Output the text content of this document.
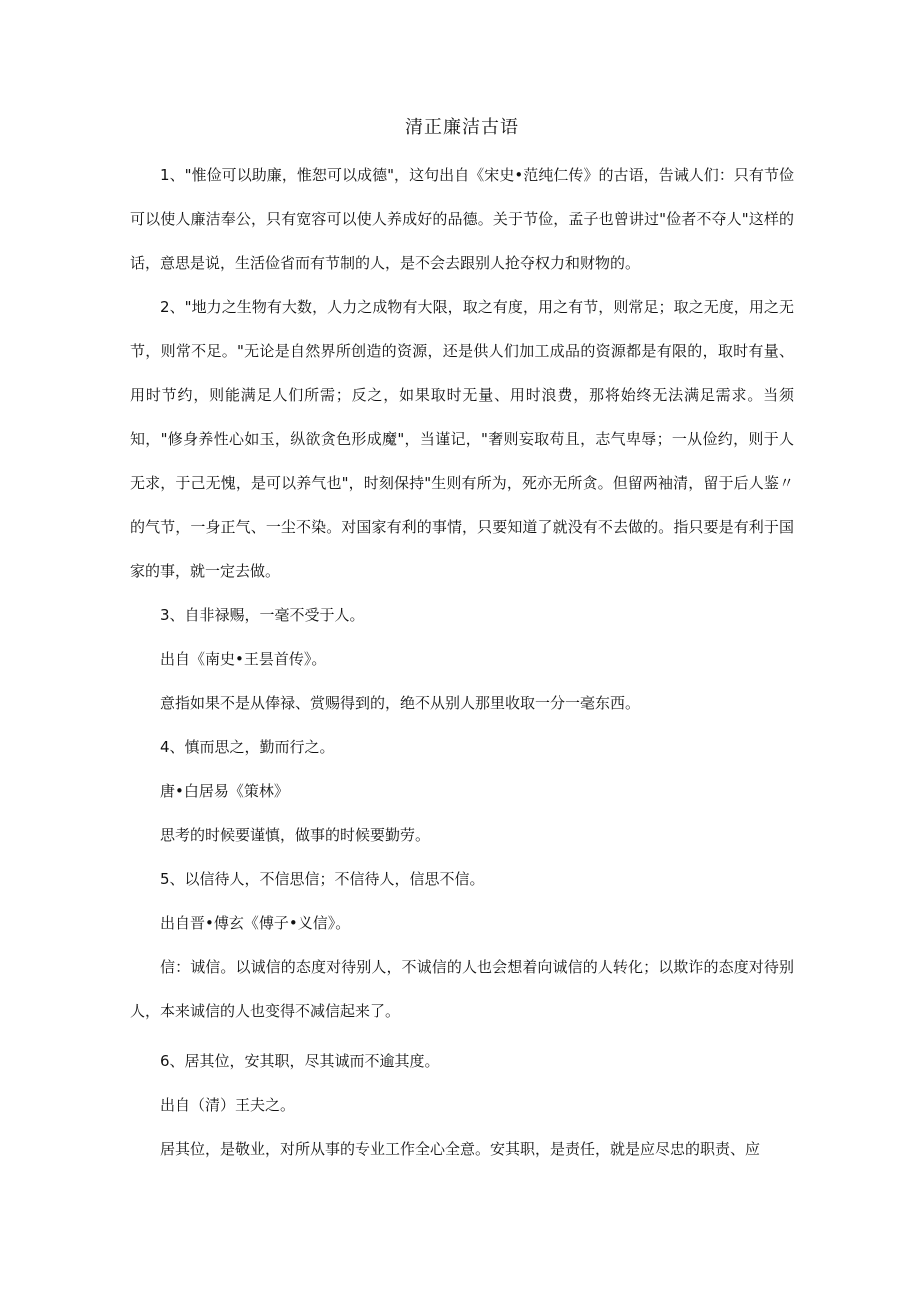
清正廉洁古语

1、"惟俭可以助廉，惟恕可以成德"，这句出自《宋史•范纯仁传》的古语，告诫人们：只有节俭可以使人廉洁奉公，只有宽容可以使人养成好的品德。关于节俭，孟子也曾讲过"俭者不夺人"这样的话，意思是说，生活俭省而有节制的人，是不会去跟别人抢夺权力和财物的。

2、"地力之生物有大数，人力之成物有大限，取之有度，用之有节，则常足；取之无度，用之无节，则常不足。"无论是自然界所创造的资源，还是供人们加工成品的资源都是有限的，取时有量、用时节约，则能满足人们所需；反之，如果取时无量、用时浪费，那将始终无法满足需求。当须知，"修身养性心如玉，纵欲贪色形成魔"，当谨记，"奢则妄取苟且，志气卑辱；一从俭约，则于人无求，于己无愧，是可以养气也"，时刻保持"生则有所为，死亦无所贪。但留两袖清，留于后人鉴〃的气节，一身正气、一尘不染。对国家有利的事情，只要知道了就没有不去做的。指只要是有利于国家的事，就一定去做。

3、自非禄赐，一毫不受于人。

出自《南史•王昙首传》。

意指如果不是从俸禄、赏赐得到的，绝不从别人那里收取一分一毫东西。

4、慎而思之，勤而行之。

唐•白居易《策林》

思考的时候要谨慎，做事的时候要勤劳。

5、以信待人，不信思信；不信待人，信思不信。

出自晋•傅玄《傅子•义信》。

信：诚信。以诚信的态度对待别人，不诚信的人也会想着向诚信的人转化；以欺诈的态度对待别人，本来诚信的人也变得不减信起来了。

6、居其位，安其职，尽其诚而不逾其度。

出自（清）王夫之。

居其位，是敬业，对所从事的专业工作全心全意。安其职，是责任，就是应尽忠的职责、应
